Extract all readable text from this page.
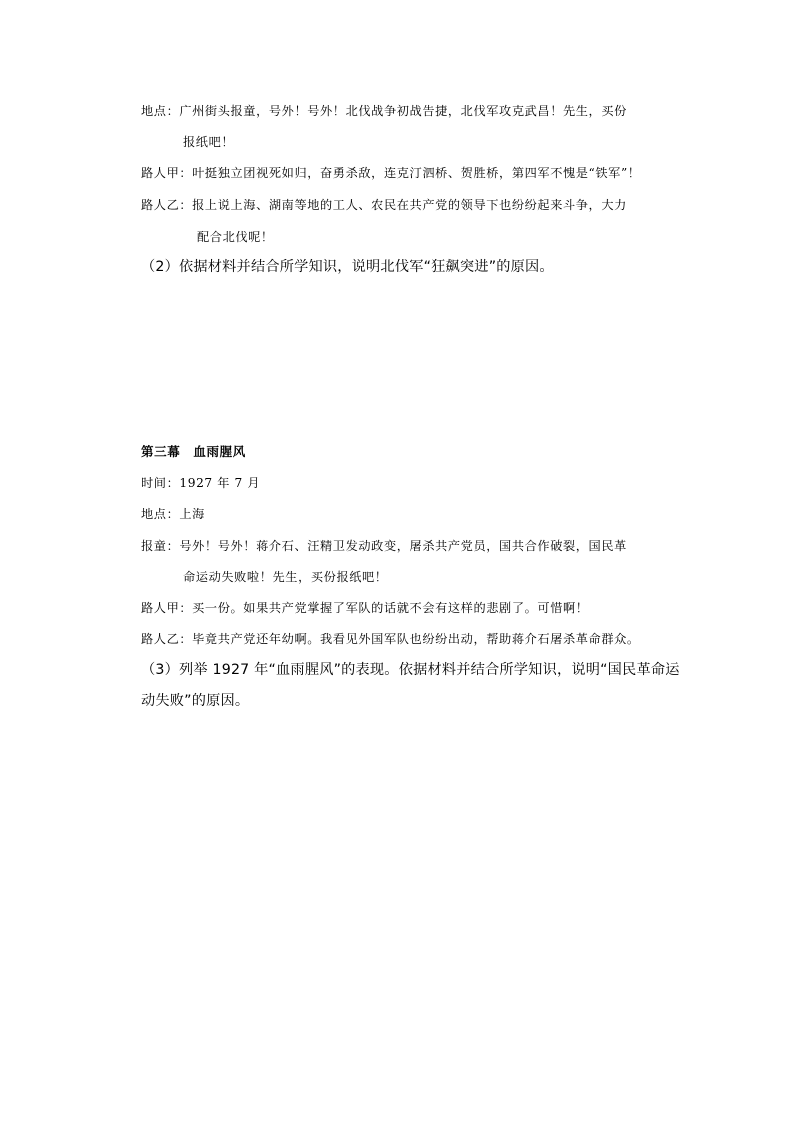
地点：广州街头报童，号外！号外！北伐战争初战告捷，北伐军攻克武昌！先生，买份
报纸吧！
路人甲：叶挺独立团视死如归，奋勇杀敌，连克汀泗桥、贺胜桥，第四军不愧是“铁军”！
路人乙：报上说上海、湖南等地的工人、农民在共产党的领导下也纷纷起来斗争，大力
配合北伐呢！
（2）依据材料并结合所学知识，说明北伐军“狂飙突进”的原因。
第三幕　血雨腥风
时间：1927 年 7 月
地点：上海
报童：号外！号外！蒋介石、汪精卫发动政变，屠杀共产党员，国共合作破裂，国民革
命运动失败啦！先生，买份报纸吧！
路人甲：买一份。如果共产党掌握了军队的话就不会有这样的悲剧了。可惜啊！
路人乙：毕竟共产党还年幼啊。我看见外国军队也纷纷出动，帮助蒋介石屠杀革命群众。
（3）列举 1927 年“血雨腥风”的表现。依据材料并结合所学知识，说明“国民革命运
动失败”的原因。
